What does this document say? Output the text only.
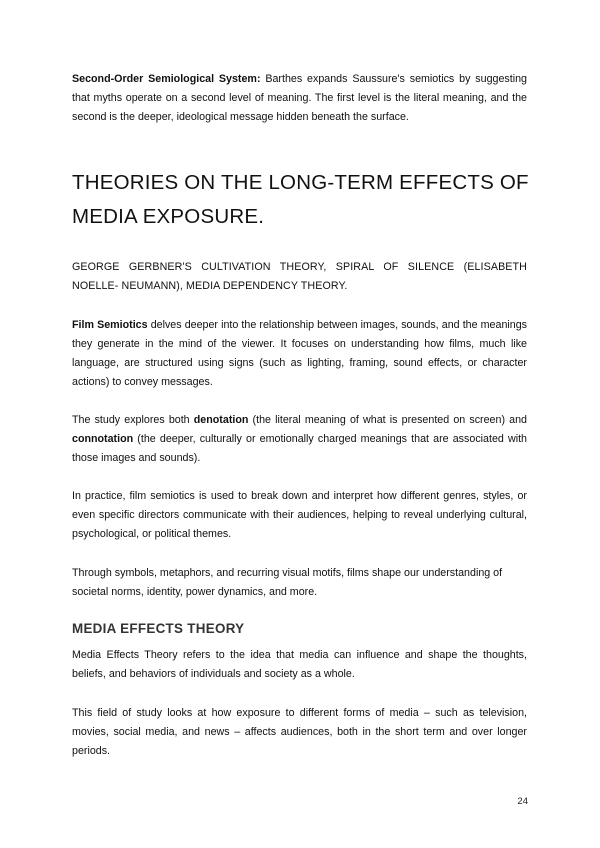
Second-Order Semiological System: Barthes expands Saussure's semiotics by suggesting that myths operate on a second level of meaning. The first level is the literal meaning, and the second is the deeper, ideological message hidden beneath the surface.

THEORIES ON THE LONG-TERM EFFECTS OF MEDIA EXPOSURE.

GEORGE GERBNER'S CULTIVATION THEORY, SPIRAL OF SILENCE (ELISABETH NOELLE- NEUMANN), MEDIA DEPENDENCY THEORY.

Film Semiotics delves deeper into the relationship between images, sounds, and the meanings they generate in the mind of the viewer. It focuses on understanding how films, much like language, are structured using signs (such as lighting, framing, sound effects, or character actions) to convey messages.

The study explores both denotation (the literal meaning of what is presented on screen) and connotation (the deeper, culturally or emotionally charged meanings that are associated with those images and sounds).

In practice, film semiotics is used to break down and interpret how different genres, styles, or even specific directors communicate with their audiences, helping to reveal underlying cultural, psychological, or political themes.

Through symbols, metaphors, and recurring visual motifs, films shape our understanding of societal norms, identity, power dynamics, and more.

MEDIA EFFECTS THEORY

Media Effects Theory refers to the idea that media can influence and shape the thoughts, beliefs, and behaviors of individuals and society as a whole.

This field of study looks at how exposure to different forms of media – such as television, movies, social media, and news – affects audiences, both in the short term and over longer periods.

24
